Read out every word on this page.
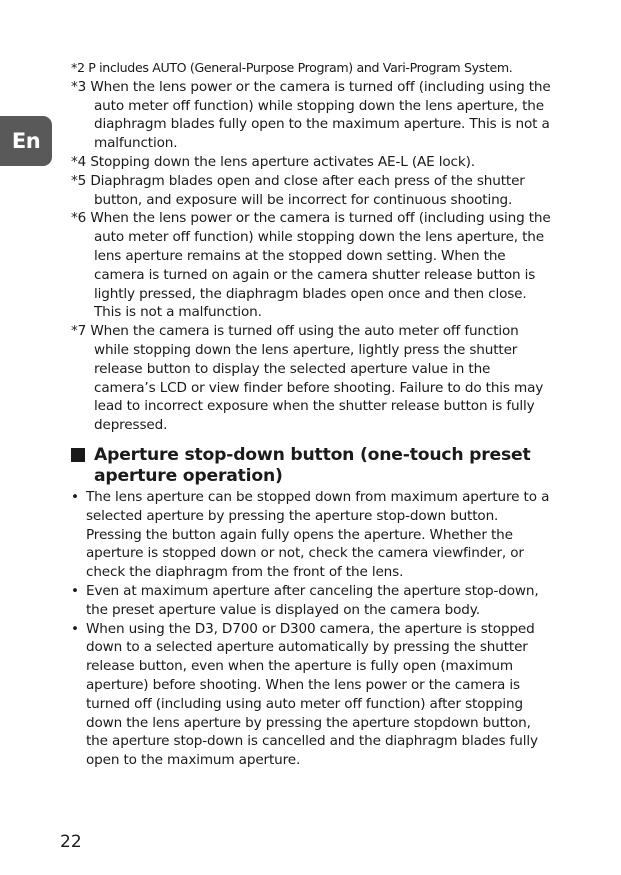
En

*2 P includes AUTO (General-Purpose Program) and Vari-Program System.

*3 When the lens power or the camera is turned off (including using the auto meter off function) while stopping down the lens aperture, the diaphragm blades fully open to the maximum aperture. This is not a malfunction.

*4 Stopping down the lens aperture activates AE-L (AE lock).

*5 Diaphragm blades open and close after each press of the shutter button, and exposure will be incorrect for continuous shooting.

*6 When the lens power or the camera is turned off (including using the auto meter off function) while stopping down the lens aperture, the lens aperture remains at the stopped down setting. When the camera is turned on again or the camera shutter release button is lightly pressed, the diaphragm blades open once and then close. This is not a malfunction.

*7 When the camera is turned off using the auto meter off function while stopping down the lens aperture, lightly press the shutter release button to display the selected aperture value in the camera’s LCD or view finder before shooting. Failure to do this may lead to incorrect exposure when the shutter release button is fully depressed.

Aperture stop-down button (one-touch preset aperture operation)

• The lens aperture can be stopped down from maximum aperture to a selected aperture by pressing the aperture stop-down button. Pressing the button again fully opens the aperture. Whether the aperture is stopped down or not, check the camera viewfinder, or check the diaphragm from the front of the lens.

• Even at maximum aperture after canceling the aperture stop-down, the preset aperture value is displayed on the camera body.

• When using the D3, D700 or D300 camera, the aperture is stopped down to a selected aperture automatically by pressing the shutter release button, even when the aperture is fully open (maximum aperture) before shooting. When the lens power or the camera is turned off (including using auto meter off function) after stopping down the lens aperture by pressing the aperture stopdown button, the aperture stop-down is cancelled and the diaphragm blades fully open to the maximum aperture.

22
